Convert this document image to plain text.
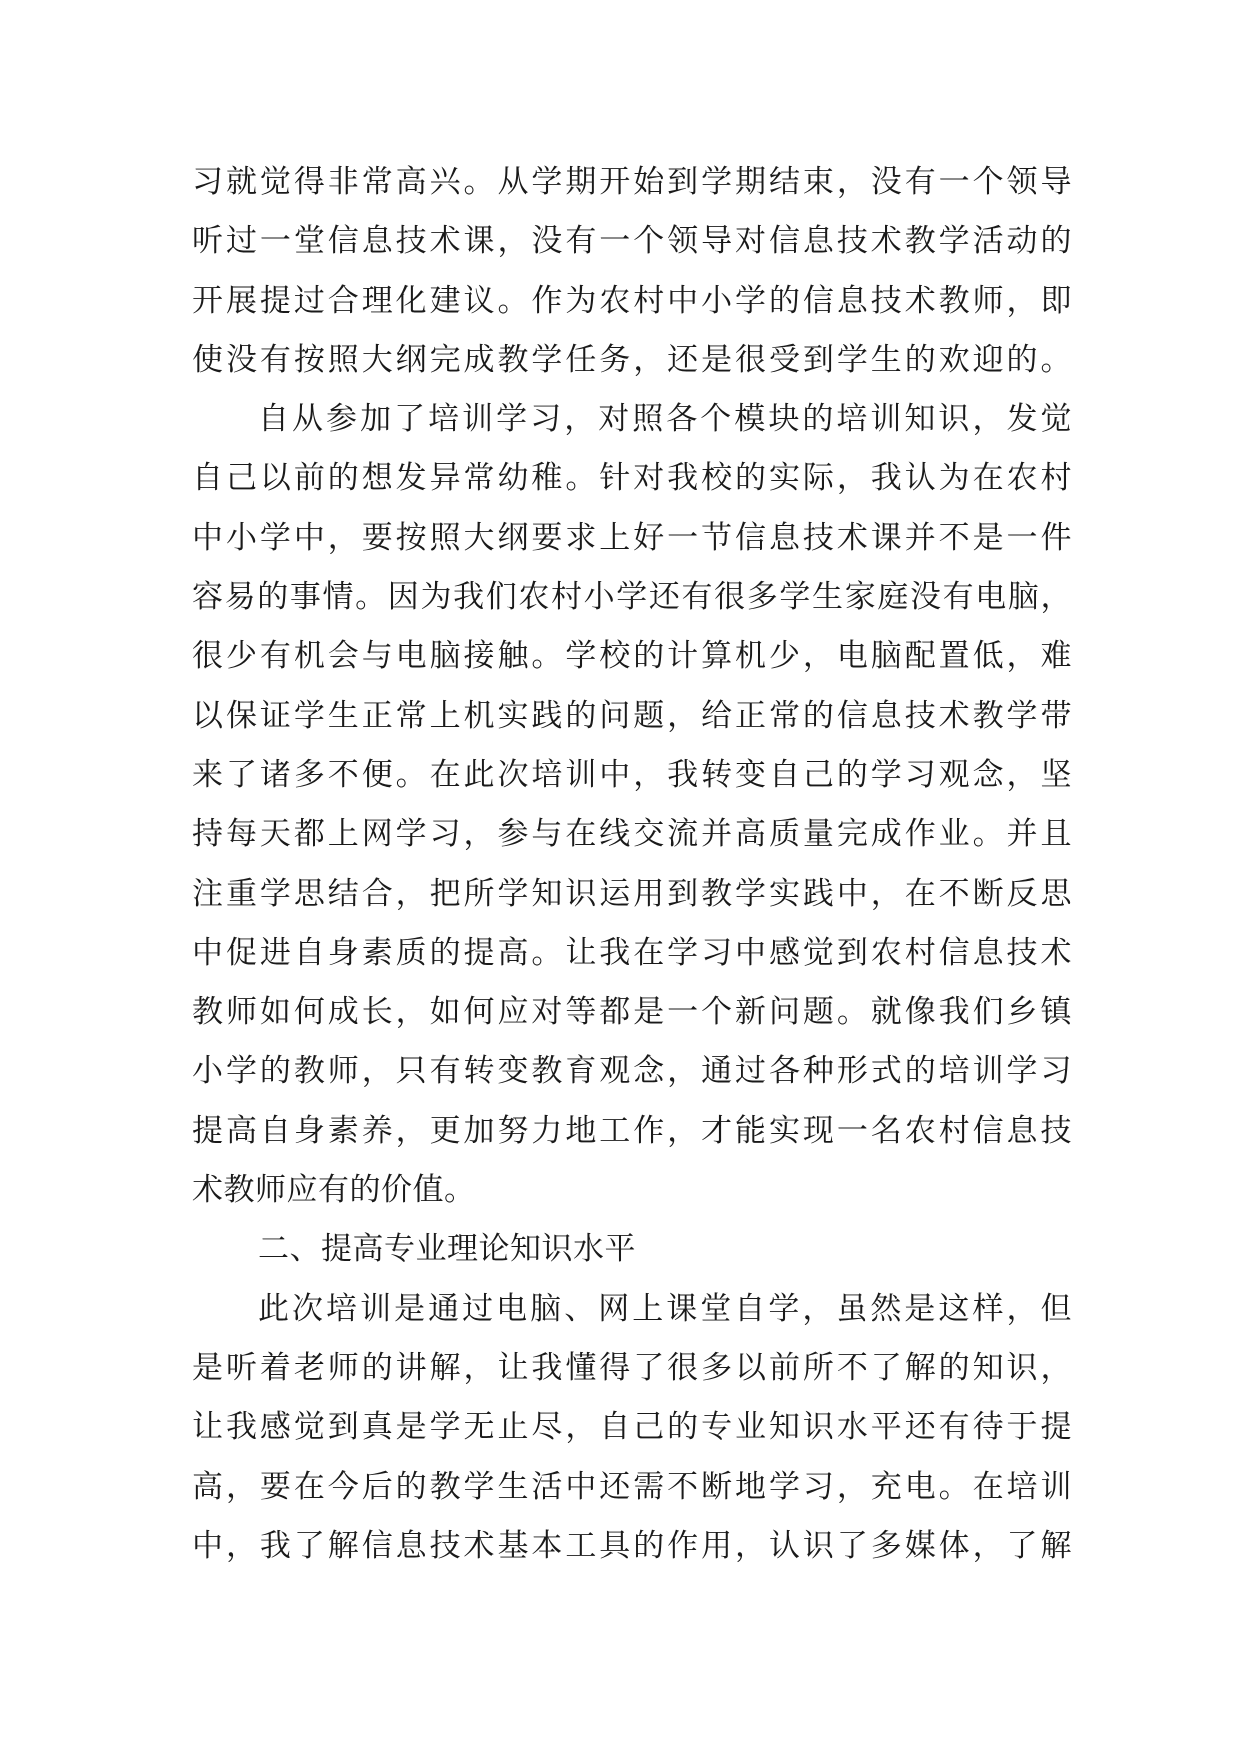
习就觉得非常高兴。从学期开始到学期结束，没有一个领导
听过一堂信息技术课，没有一个领导对信息技术教学活动的
开展提过合理化建议。作为农村中小学的信息技术教师，即
使没有按照大纲完成教学任务，还是很受到学生的欢迎的。
自从参加了培训学习，对照各个模块的培训知识，发觉
自己以前的想发异常幼稚。针对我校的实际，我认为在农村
中小学中，要按照大纲要求上好一节信息技术课并不是一件
容易的事情。因为我们农村小学还有很多学生家庭没有电脑，
很少有机会与电脑接触。学校的计算机少，电脑配置低，难
以保证学生正常上机实践的问题，给正常的信息技术教学带
来了诸多不便。在此次培训中，我转变自己的学习观念，坚
持每天都上网学习，参与在线交流并高质量完成作业。并且
注重学思结合，把所学知识运用到教学实践中，在不断反思
中促进自身素质的提高。让我在学习中感觉到农村信息技术
教师如何成长，如何应对等都是一个新问题。就像我们乡镇
小学的教师，只有转变教育观念，通过各种形式的培训学习
提高自身素养，更加努力地工作，才能实现一名农村信息技
术教师应有的价值。
二、提高专业理论知识水平
此次培训是通过电脑、网上课堂自学，虽然是这样，但
是听着老师的讲解，让我懂得了很多以前所不了解的知识，
让我感觉到真是学无止尽，自己的专业知识水平还有待于提
高，要在今后的教学生活中还需不断地学习，充电。在培训
中，我了解信息技术基本工具的作用，认识了多媒体，了解
